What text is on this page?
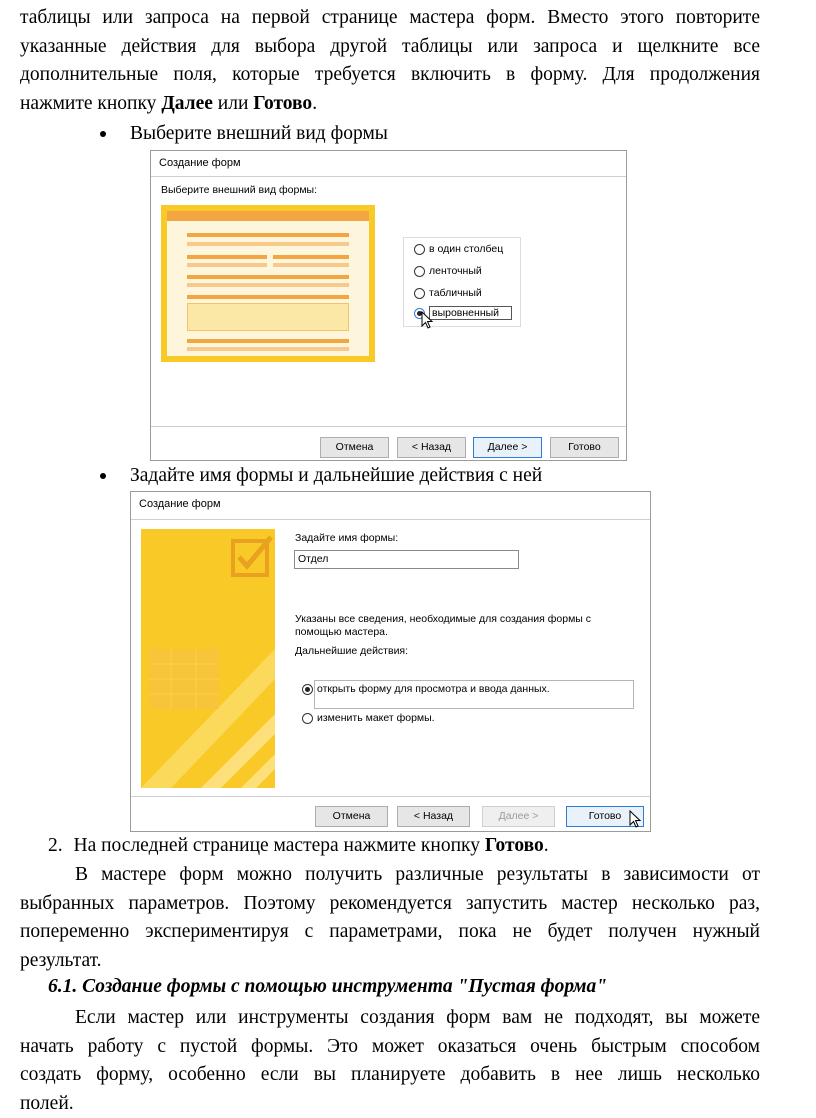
таблицы или запроса на первой странице мастера форм. Вместо этого повторите
указанные действия для выбора другой таблицы или запроса и щелкните все
дополнительные поля, которые требуется включить в форму. Для продолжения
нажмите кнопку Далее или Готово.
Выберите внешний вид формы
Создание форм
Выберите внешний вид формы:
в один столбец
ленточный
табличный
выровненный
Отмена	< Назад	Далее >	Готово
Задайте имя формы и дальнейшие действия с ней
Создание форм
Задайте имя формы:
Отдел
Указаны все сведения, необходимые для создания формы с
помощью мастера.
Дальнейшие действия:
открыть форму для просмотра и ввода данных.
изменить макет формы.
Отмена	< Назад	Далее >	Готово
2. На последней странице мастера нажмите кнопку Готово.
В мастере форм можно получить различные результаты в зависимости от
выбранных параметров. Поэтому рекомендуется запустить мастер несколько раз,
попеременно экспериментируя с параметрами, пока не будет получен нужный
результат.
6.1. Создание формы с помощью инструмента "Пустая форма"
Если мастер или инструменты создания форм вам не подходят, вы можете
начать работу с пустой формы. Это может оказаться очень быстрым способом
создать форму, особенно если вы планируете добавить в нее лишь несколько
полей.
